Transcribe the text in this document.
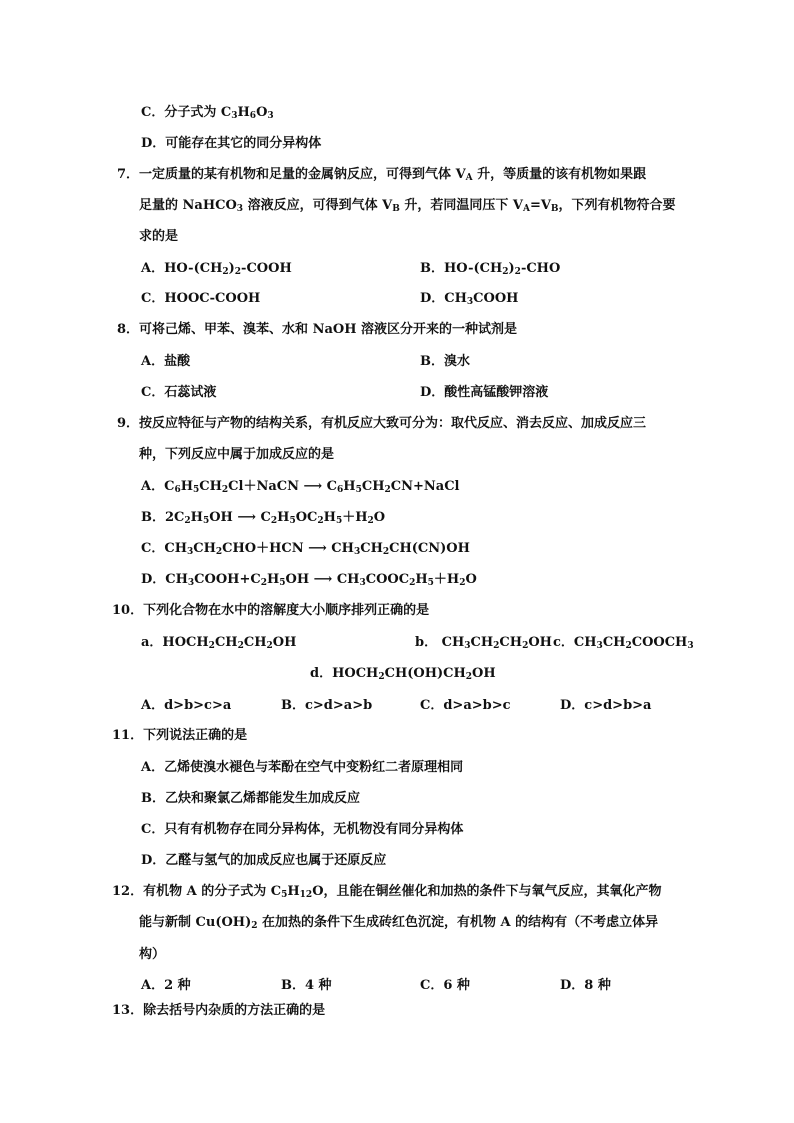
C．分子式为 $C_3H_6O_3$
D．可能存在其它的同分异构体
7．一定质量的某有机物和足量的金属钠反应，可得到气体 $V_A$ 升，等质量的该有机物如果跟
足量的 NaHCO$_3$ 溶液反应，可得到气体 $V_B$ 升，若同温同压下 $V_A=V_B$，下列有机物符合要
求的是
A．$HO-(CH_2)_2$-COOH	B．$HO-(CH_2)_2$-CHO
C．HOOC-COOH	D．$CH_3COOH$
8．可将己烯、甲苯、溴苯、水和 NaOH 溶液区分开来的一种试剂是
A．盐酸	B．溴水
C．石蕊试液	D．酸性高锰酸钾溶液
9．按反应特征与产物的结构关系，有机反应大致可分为：取代反应、消去反应、加成反应三
种，下列反应中属于加成反应的是
A．$C_6H_5CH_2Cl+NaCN$ ⟶ $C_6H_5CH_2CN+NaCl$
B．$2C_2H_5OH$ ⟶ $C_2H_5OC_2H_5+H_2O$
C．$CH_3CH_2CHO+HCN$ ⟶ $CH_3CH_2CH(CN)OH$
D．$CH_3COOH+C_2H_5OH$ ⟶ $CH_3COOC_2H_5+H_2O$
10．下列化合物在水中的溶解度大小顺序排列正确的是
a．$HOCH_2CH_2CH_2OH$	b． $CH_3CH_2CH_2OH$ c．$CH_3CH_2COOCH_3$
d．$HOCH_2CH(OH)CH_2OH$
A．d>b>c>a	B．c>d>a>b	C．d>a>b>c	D．c>d>b>a
11．下列说法正确的是
A．乙烯使溴水褪色与苯酚在空气中变粉红二者原理相同
B．乙炔和聚氯乙烯都能发生加成反应
C．只有有机物存在同分异构体，无机物没有同分异构体
D．乙醛与氢气的加成反应也属于还原反应
12．有机物 A 的分子式为 $C_5H_{12}O$，且能在铜丝催化和加热的条件下与氧气反应，其氧化产物
能与新制 $Cu(OH)_2$ 在加热的条件下生成砖红色沉淀，有机物 A 的结构有（不考虑立体异
构）
A．2 种	B．4 种	C．6 种	D．8 种
13．除去括号内杂质的方法正确的是
